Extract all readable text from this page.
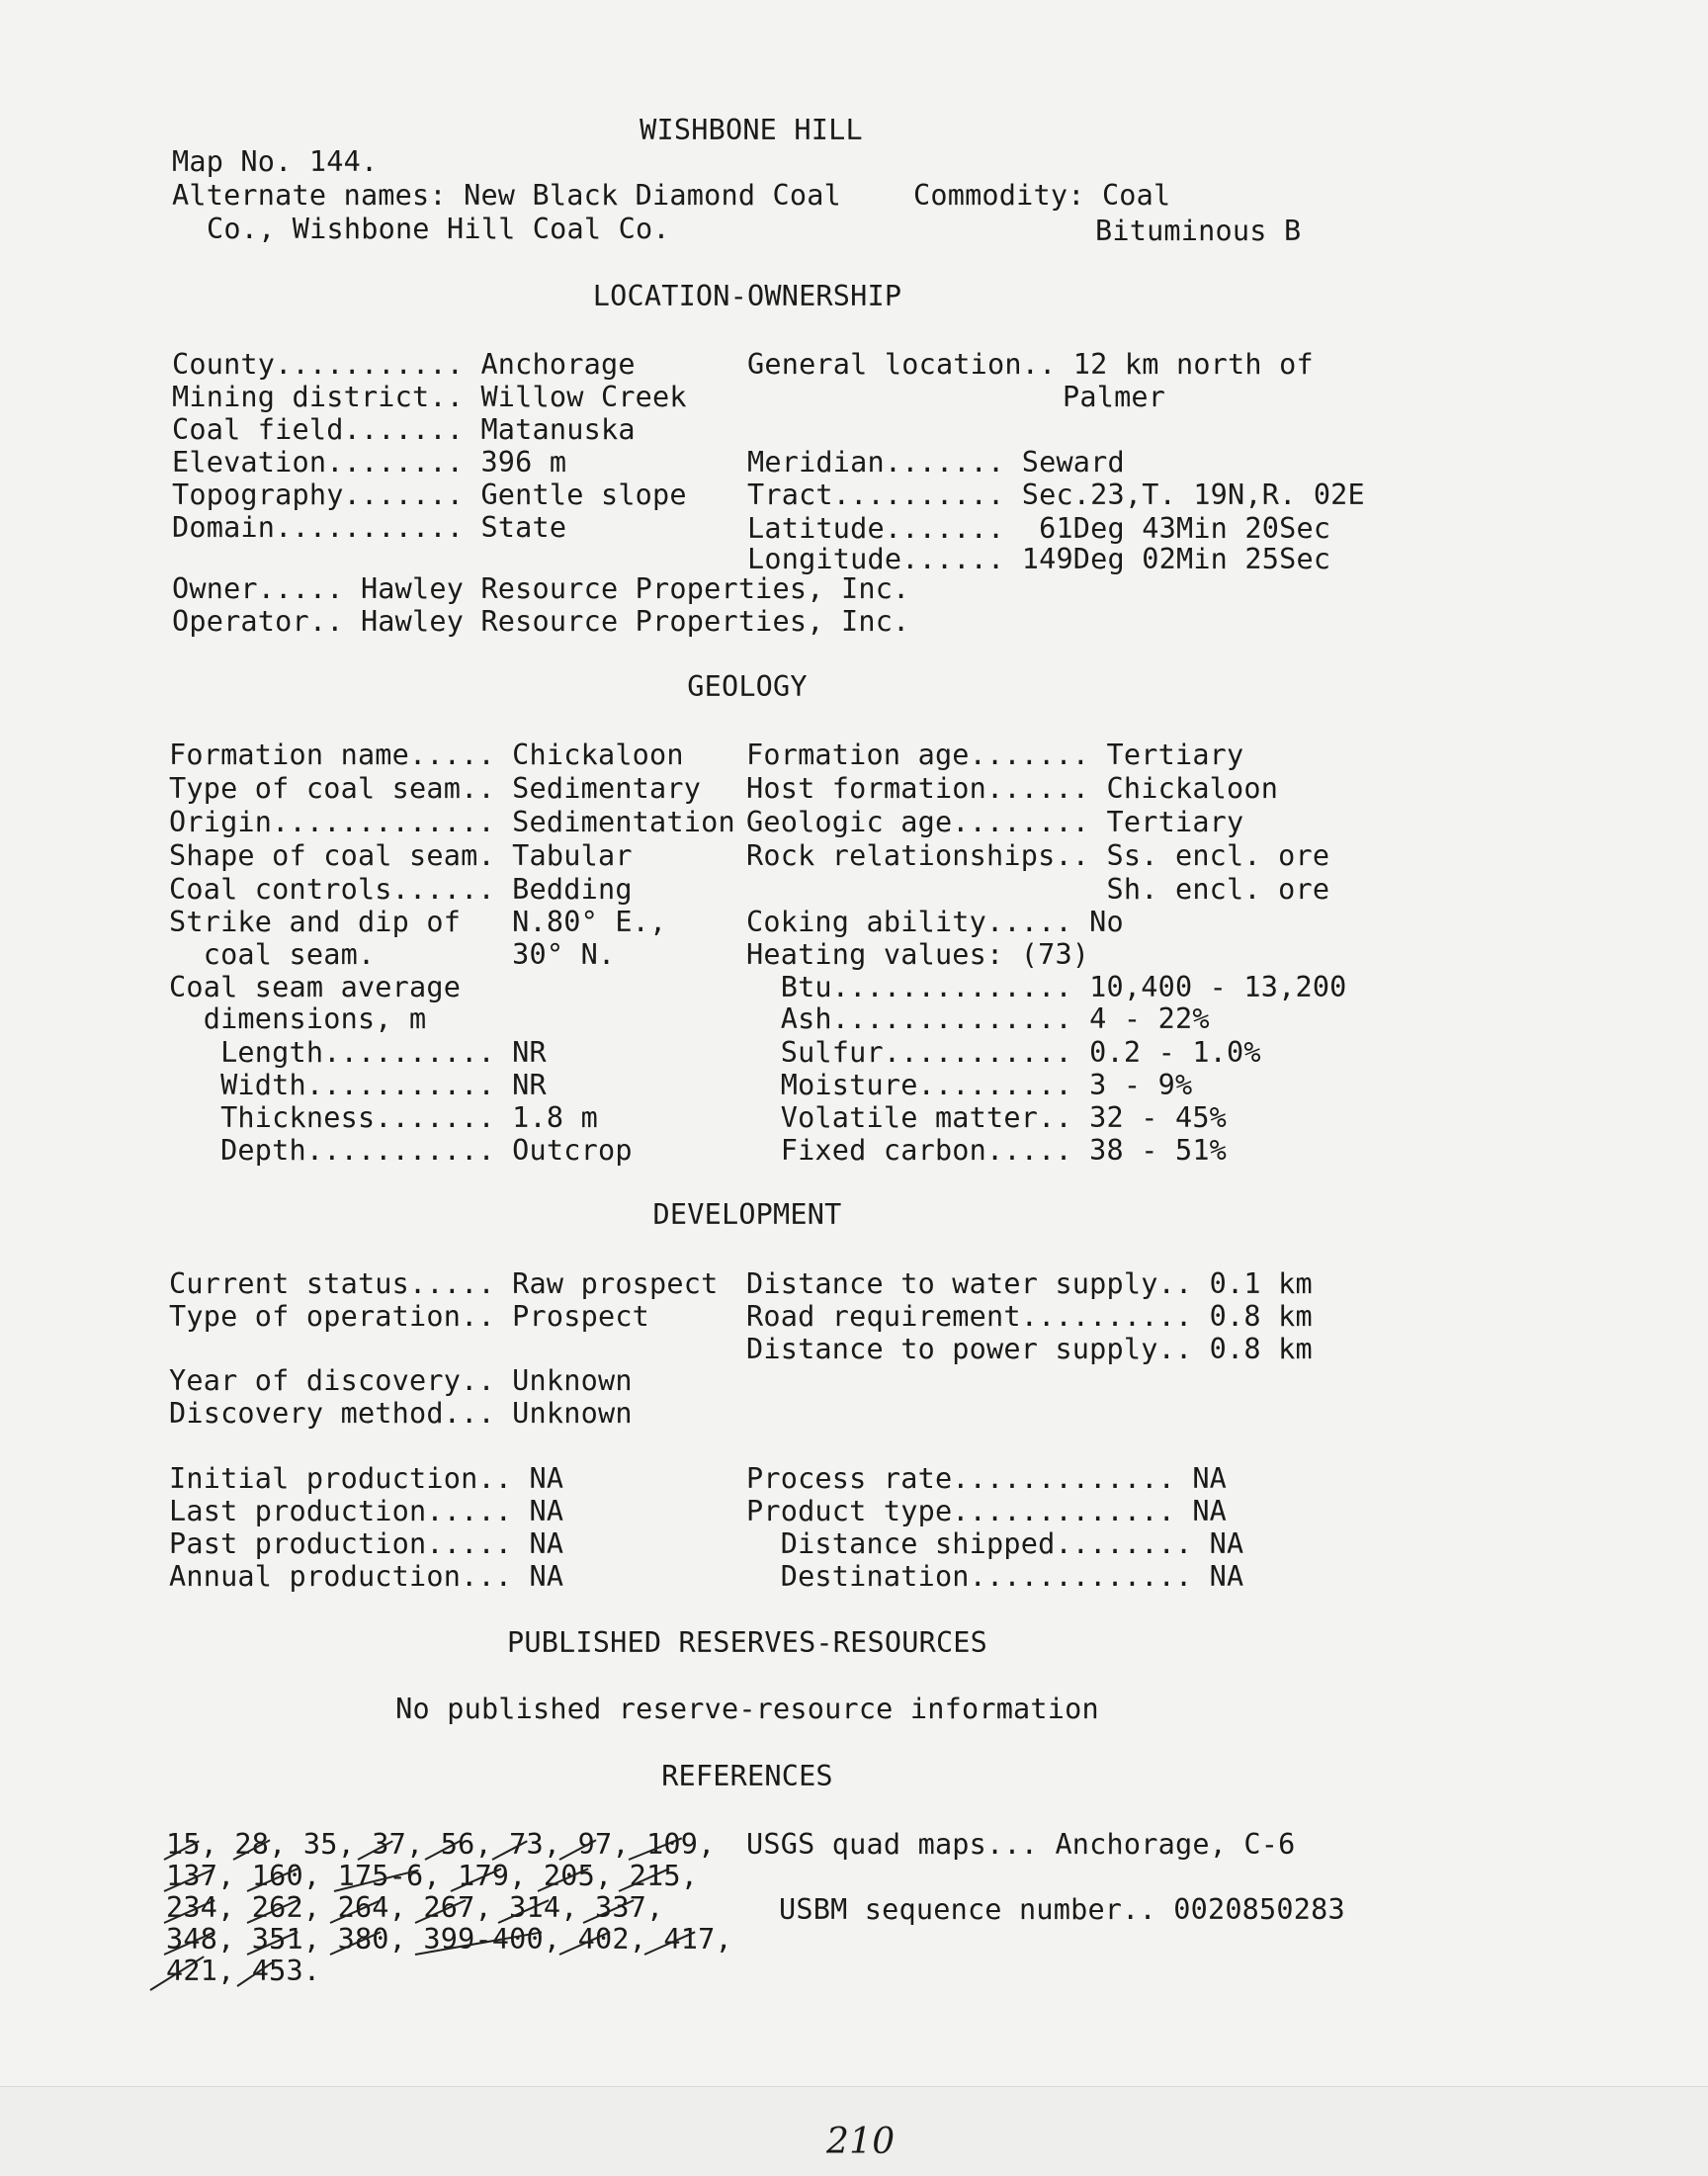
WISHBONE HILL
Map No. 144.
Alternate names: New Black Diamond Coal
Co., Wishbone Hill Coal Co.
Commodity: Coal
Bituminous B
LOCATION-OWNERSHIP
County........... Anchorage
Mining district.. Willow Creek
Coal field....... Matanuska
Elevation........ 396 m
Topography....... Gentle slope
Domain........... State
General location.. 12 km north of
Palmer
Meridian....... Seward
Tract.......... Sec.23,T. 19N,R. 02E
Latitude.......  61Deg 43Min 20Sec
Longitude...... 149Deg 02Min 25Sec
Owner..... Hawley Resource Properties, Inc.
Operator.. Hawley Resource Properties, Inc.
GEOLOGY
Formation name..... Chickaloon
Type of coal seam.. Sedimentary
Origin............. Sedimentation
Shape of coal seam. Tabular
Coal controls...... Bedding
Strike and dip of   N.80° E.,
coal seam.        30° N.
Coal seam average
dimensions, m
Length.......... NR
Width........... NR
Thickness....... 1.8 m
Depth........... Outcrop
Formation age....... Tertiary
Host formation...... Chickaloon
Geologic age........ Tertiary
Rock relationships.. Ss. encl. ore
Sh. encl. ore
Coking ability..... No
Heating values: (73)
Btu.............. 10,400 - 13,200
Ash.............. 4 - 22%
Sulfur........... 0.2 - 1.0%
Moisture......... 3 - 9%
Volatile matter.. 32 - 45%
Fixed carbon..... 38 - 51%
DEVELOPMENT
Current status..... Raw prospect
Type of operation.. Prospect
Year of discovery.. Unknown
Discovery method... Unknown
Distance to water supply.. 0.1 km
Road requirement.......... 0.8 km
Distance to power supply.. 0.8 km
Initial production.. NA
Last production..... NA
Past production..... NA
Annual production... NA
Process rate............. NA
Product type............. NA
Distance shipped........ NA
Destination............. NA
PUBLISHED RESERVES-RESOURCES
No published reserve-resource information
REFERENCES
15, 28, 35, 37, 56, 73, 97, 109,
137, 160, 175-6, 179, 205, 215,
234, 262, 264, 267, 314, 337,
348, 351, 380, 399-400, 402, 417,
421, 453.
USGS quad maps... Anchorage, C-6
USBM sequence number.. 0020850283
210
